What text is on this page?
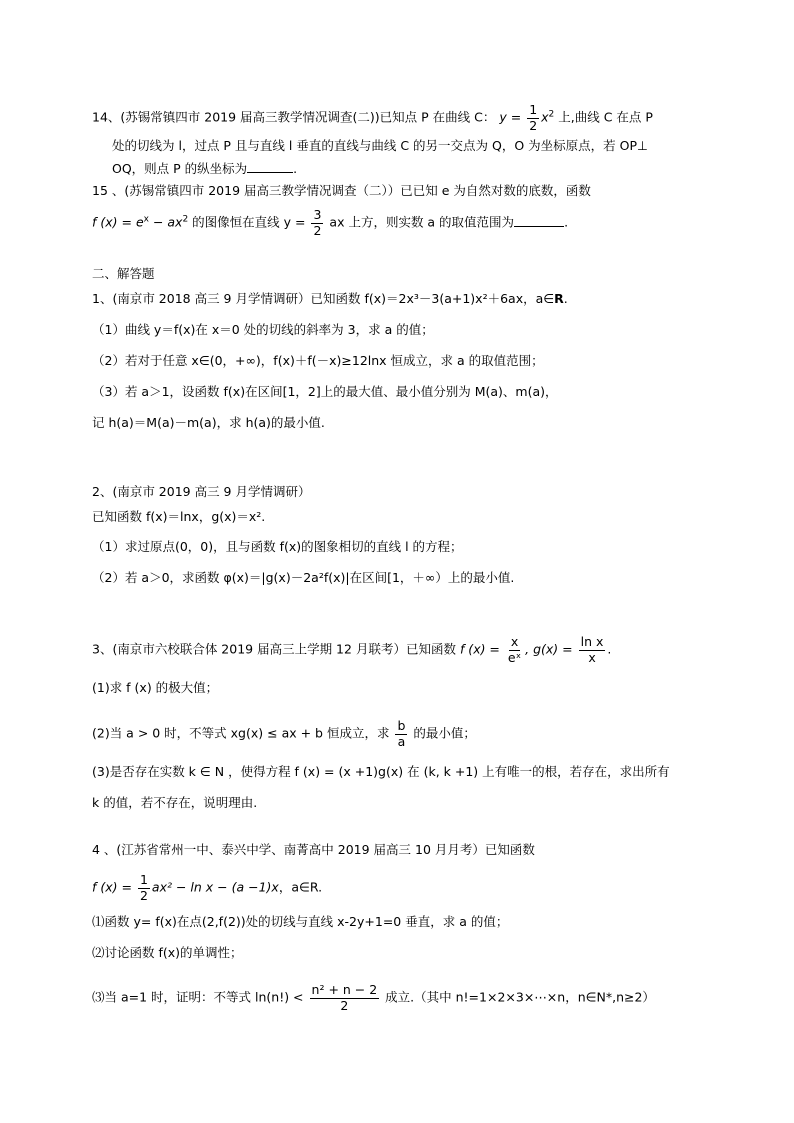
14、(苏锡常镇四市 2019 届高三教学情况调查(二))已知点 P 在曲线 C： $y = \frac{1}{2} x^2$ 上,曲线 C 在点 P
处的切线为 l，过点 P 且与直线 l 垂直的直线与曲线 C 的另一交点为 Q，O 为坐标原点，若 OP⊥
OQ，则点 P 的纵坐标为	.
15 、(苏锡常镇四市 2019 届高三教学情况调查（二））已已知 e 为自然对数的底数，函数
f $(x) = e^x - ax^2$ 的图像恒在直线 $y = \frac{3}{2}$ ax 上方，则实数 a 的取值范围为	.
二、解答题
1、(南京市 2018 高三 9 月学情调研）已知函数 f(x)＝2x³－3(a+1)x²＋6ax，a∈R.
（1）曲线 y＝f(x)在 x＝0 处的切线的斜率为 3，求 a 的值；
（2）若对于任意 x∈(0，+∞)，f(x)＋f(－x)≥12lnx 恒成立，求 a 的取值范围；
（3）若 a＞1，设函数 f(x)在区间[1，2]上的最大值、最小值分别为 M(a)、m(a)，
记 h(a)＝M(a)－m(a)，求 h(a)的最小值.
2、(南京市 2019 高三 9 月学情调研）
已知函数 f(x)＝lnx，g(x)＝x².
（1）求过原点(0，0)，且与函数 f(x)的图象相切的直线 l 的方程；
（2）若 a＞0，求函数 φ(x)＝|g(x)－2a²f(x)|在区间[1，＋∞）上的最小值.
3、(南京市六校联合体 2019 届高三上学期 12 月联考）已知函数 f $(x) = \frac{x}{\text{eˣ}}$ , $g(x) = \frac{\text{ln x}}{x}$ .
(1)求 f (x) 的极大值；
(2)当 a > 0 时，不等式 xg(x) ≤ ax + b 恒成立，求 $\frac{b}{a}$ 的最小值；
(3)是否存在实数 k ∈ N ，使得方程 f (x) = (x +1)g(x) 在 (k, k +1) 上有唯一的根，若存在，求出所有
k 的值，若不存在，说明理由.
4 、(江苏省常州一中、泰兴中学、南菁高中 2019 届高三 10 月月考）已知函数
f $(x) = \frac{1}{2} ax^2 - \ln x - (a -1)x$，a∈R.
⑴函数 y= f(x)在点(2,f(2))处的切线与直线 x-2y+1=0 垂直，求 a 的值；
⑵讨论函数 f(x)的单调性；
⑶当 a=1 时，证明：不等式 $\ln(n!) < \frac{\text{n² + n − 2}}{2}$ 成立.（其中 n!=1×2×3×⋯×n，n∈N*,n≥2）
